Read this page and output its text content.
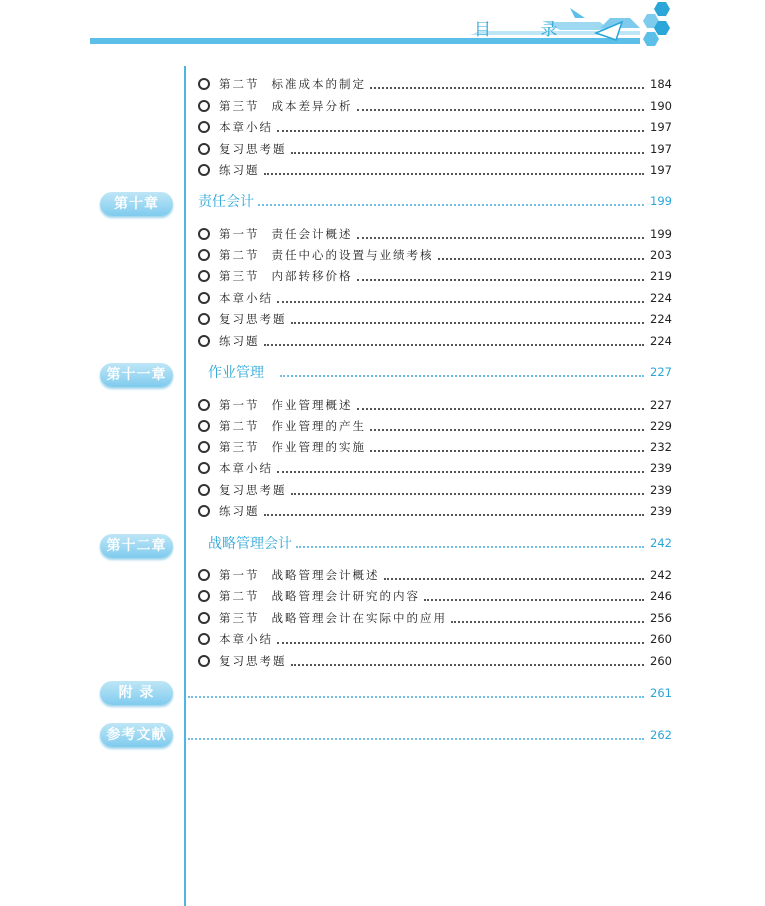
目 录
第二节 标准成本的制定	184
第三节 成本差异分析	190
本章小结	197
复习思考题	197
练习题	197
第十章	责任会计	199
第一节 责任会计概述	199
第二节 责任中心的设置与业绩考核	203
第三节 内部转移价格	219
本章小结	224
复习思考题	224
练习题	224
第十一章	作业管理	227
第一节 作业管理概述	227
第二节 作业管理的产生	229
第三节 作业管理的实施	232
本章小结	239
复习思考题	239
练习题	239
第十二章	战略管理会计	242
第一节 战略管理会计概述	242
第二节 战略管理会计研究的内容	246
第三节 战略管理会计在实际中的应用	256
本章小结	260
复习思考题	260
附 录	261
参考文献	262
